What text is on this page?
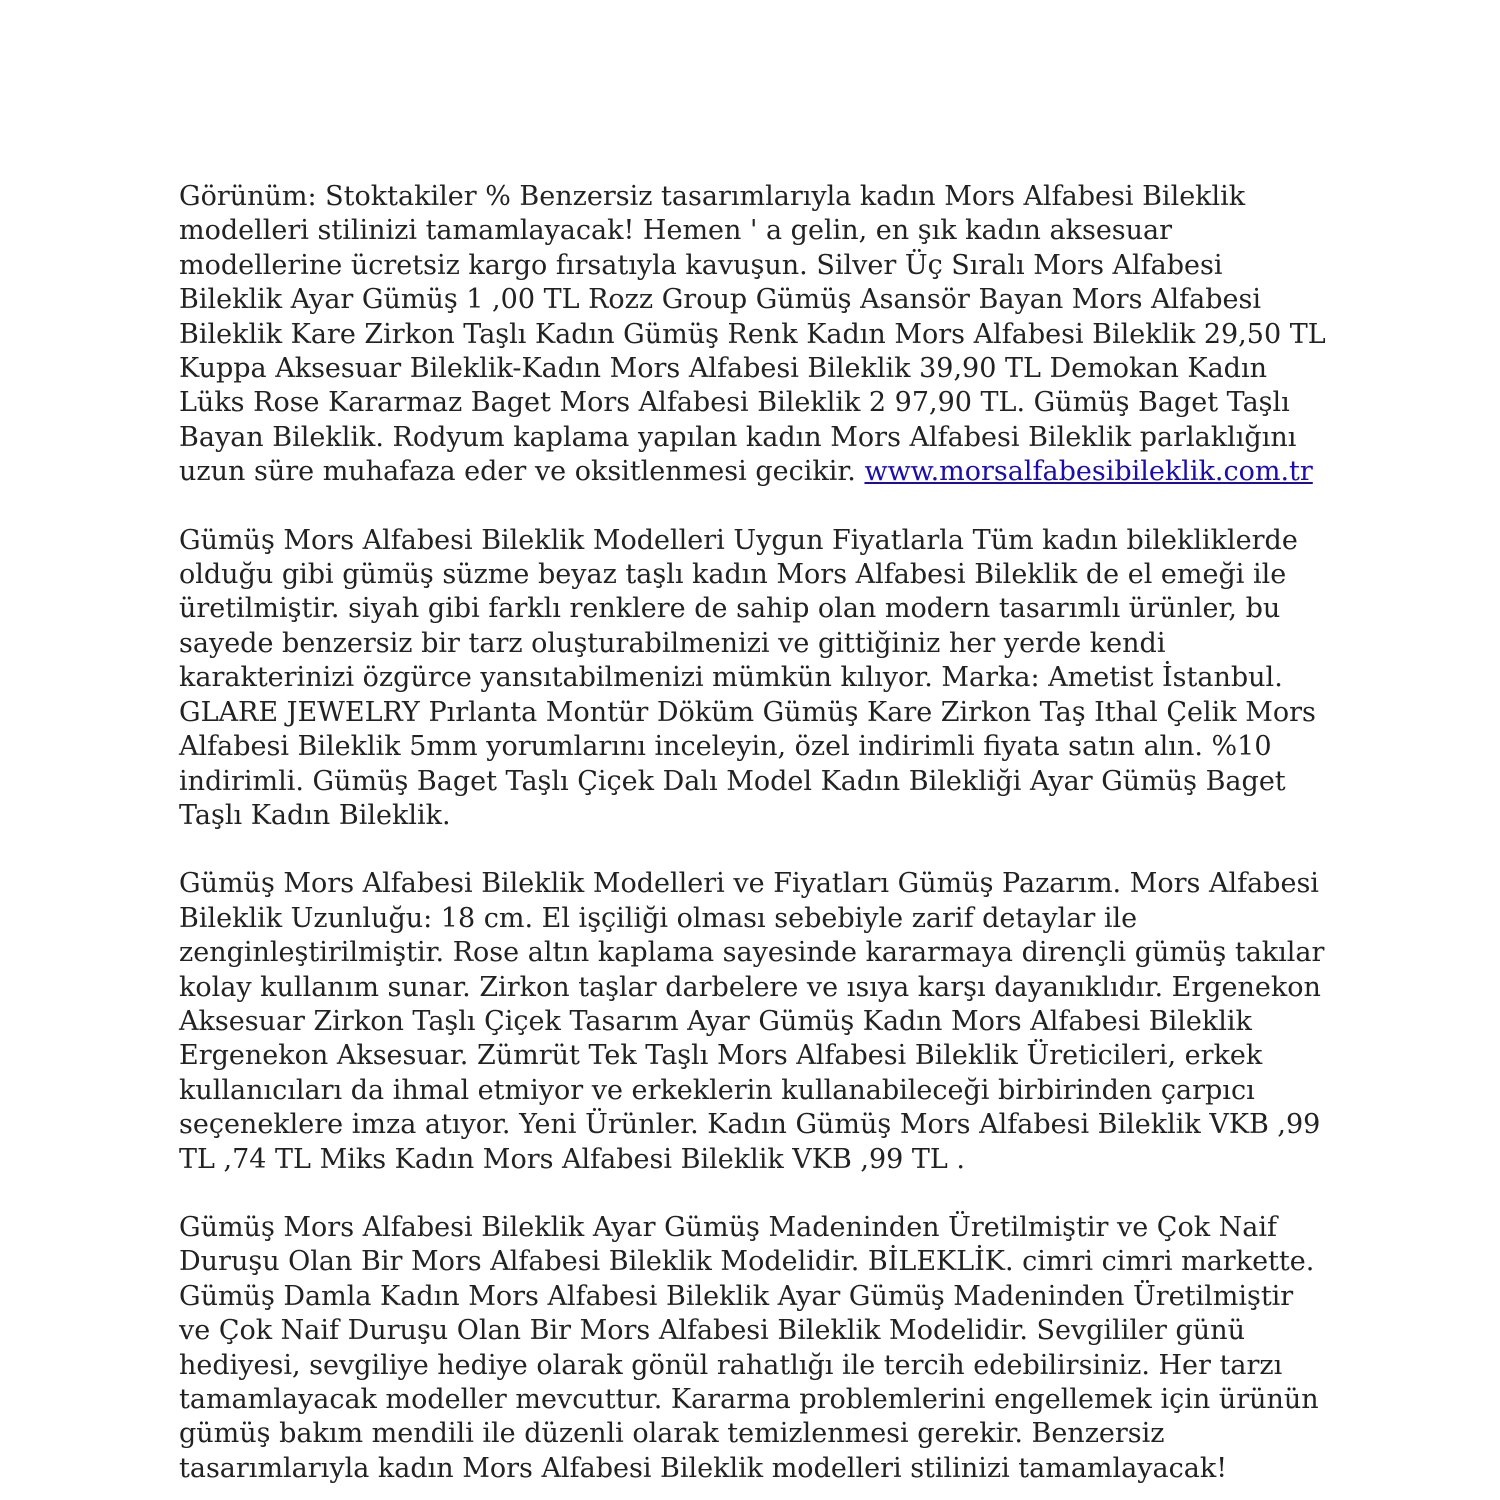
Görünüm: Stoktakiler % Benzersiz tasarımlarıyla kadın Mors Alfabesi Bileklik modelleri stilinizi tamamlayacak! Hemen ' a gelin, en şık kadın aksesuar modellerine ücretsiz kargo fırsatıyla kavuşun. Silver Üç Sıralı Mors Alfabesi Bileklik Ayar Gümüş 1 ,00 TL Rozz Group Gümüş Asansör Bayan Mors Alfabesi Bileklik Kare Zirkon Taşlı Kadın Gümüş Renk Kadın Mors Alfabesi Bileklik 29,50 TL Kuppa Aksesuar Bileklik-Kadın Mors Alfabesi Bileklik 39,90 TL Demokan Kadın Lüks Rose Kararmaz Baget Mors Alfabesi Bileklik 2 97,90 TL. Gümüş Baget Taşlı Bayan Bileklik. Rodyum kaplama yapılan kadın Mors Alfabesi Bileklik parlaklığını uzun süre muhafaza eder ve oksitlenmesi gecikir. www.morsalfabesibileklik.com.tr

Gümüş Mors Alfabesi Bileklik Modelleri Uygun Fiyatlarla Tüm kadın bilekliklerde olduğu gibi gümüş süzme beyaz taşlı kadın Mors Alfabesi Bileklik de el emeği ile üretilmiştir. siyah gibi farklı renklere de sahip olan modern tasarımlı ürünler, bu sayede benzersiz bir tarz oluşturabilmenizi ve gittiğiniz her yerde kendi karakterinizi özgürce yansıtabilmenizi mümkün kılıyor. Marka: Ametist İstanbul. GLARE JEWELRY Pırlanta Montür Döküm Gümüş Kare Zirkon Taş Ithal Çelik Mors Alfabesi Bileklik 5mm yorumlarını inceleyin, özel indirimli fiyata satın alın. %10 indirimli. Gümüş Baget Taşlı Çiçek Dalı Model Kadın Bilekliği Ayar Gümüş Baget Taşlı Kadın Bileklik.

Gümüş Mors Alfabesi Bileklik Modelleri ve Fiyatları Gümüş Pazarım. Mors Alfabesi Bileklik Uzunluğu: 18 cm. El işçiliği olması sebebiyle zarif detaylar ile zenginleştirilmiştir. Rose altın kaplama sayesinde kararmaya dirençli gümüş takılar kolay kullanım sunar. Zirkon taşlar darbelere ve ısıya karşı dayanıklıdır. Ergenekon Aksesuar Zirkon Taşlı Çiçek Tasarım Ayar Gümüş Kadın Mors Alfabesi Bileklik Ergenekon Aksesuar. Zümrüt Tek Taşlı Mors Alfabesi Bileklik Üreticileri, erkek kullanıcıları da ihmal etmiyor ve erkeklerin kullanabileceği birbirinden çarpıcı seçeneklere imza atıyor. Yeni Ürünler. Kadın Gümüş Mors Alfabesi Bileklik VKB ,99 TL ,74 TL Miks Kadın Mors Alfabesi Bileklik VKB ,99 TL .

Gümüş Mors Alfabesi Bileklik Ayar Gümüş Madeninden Üretilmiştir ve Çok Naif Duruşu Olan Bir Mors Alfabesi Bileklik Modelidir. BİLEKLİK. cimri cimri markette. Gümüş Damla Kadın Mors Alfabesi Bileklik Ayar Gümüş Madeninden Üretilmiştir ve Çok Naif Duruşu Olan Bir Mors Alfabesi Bileklik Modelidir. Sevgililer günü hediyesi, sevgiliye hediye olarak gönül rahatlığı ile tercih edebilirsiniz. Her tarzı tamamlayacak modeller mevcuttur. Kararma problemlerini engellemek için ürünün gümüş bakım mendili ile düzenli olarak temizlenmesi gerekir. Benzersiz tasarımlarıyla kadın Mors Alfabesi Bileklik modelleri stilinizi tamamlayacak!
